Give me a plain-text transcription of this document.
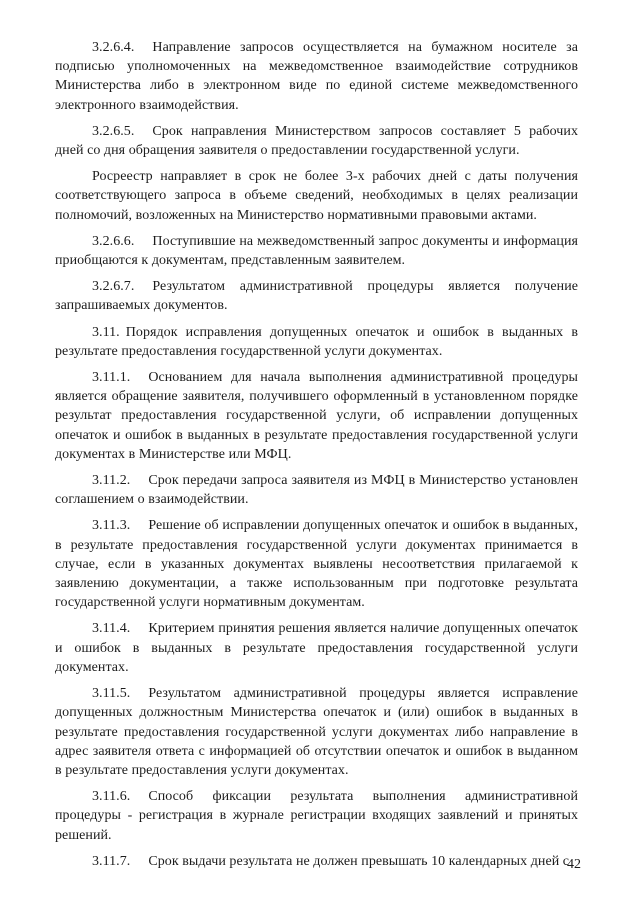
3.2.6.4. Направление запросов осуществляется на бумажном носителе за подписью уполномоченных на межведомственное взаимодействие сотрудников Министерства либо в электронном виде по единой системе межведомственного электронного взаимодействия.

3.2.6.5. Срок направления Министерством запросов составляет 5 рабочих дней со дня обращения заявителя о предоставлении государственной услуги.

Росреестр направляет в срок не более 3-х рабочих дней с даты получения соответствующего запроса в объеме сведений, необходимых в целях реализации полномочий, возложенных на Министерство нормативными правовыми актами.

3.2.6.6. Поступившие на межведомственный запрос документы и информация приобщаются к документам, представленным заявителем.

3.2.6.7. Результатом административной процедуры является получение запрашиваемых документов.

3.11. Порядок исправления допущенных опечаток и ошибок в выданных в результате предоставления государственной услуги документах.

3.11.1. Основанием для начала выполнения административной процедуры является обращение заявителя, получившего оформленный в установленном порядке результат предоставления государственной услуги, об исправлении допущенных опечаток и ошибок в выданных в результате предоставления государственной услуги документах в Министерстве или МФЦ.

3.11.2. Срок передачи запроса заявителя из МФЦ в Министерство установлен соглашением о взаимодействии.

3.11.3. Решение об исправлении допущенных опечаток и ошибок в выданных, в результате предоставления государственной услуги документах принимается в случае, если в указанных документах выявлены несоответствия прилагаемой к заявлению документации, а также использованным при подготовке результата государственной услуги нормативным документам.

3.11.4. Критерием принятия решения является наличие допущенных опечаток и ошибок в выданных в результате предоставления государственной услуги документах.

3.11.5. Результатом административной процедуры является исправление допущенных должностным Министерства опечаток и (или) ошибок в выданных в результате предоставления государственной услуги документах либо направление в адрес заявителя ответа с информацией об отсутствии опечаток и ошибок в выданном в результате предоставления услуги документах.

3.11.6. Способ фиксации результата выполнения административной процедуры - регистрация в журнале регистрации входящих заявлений и принятых решений.

3.11.7. Срок выдачи результата не должен превышать 10 календарных дней с

42
